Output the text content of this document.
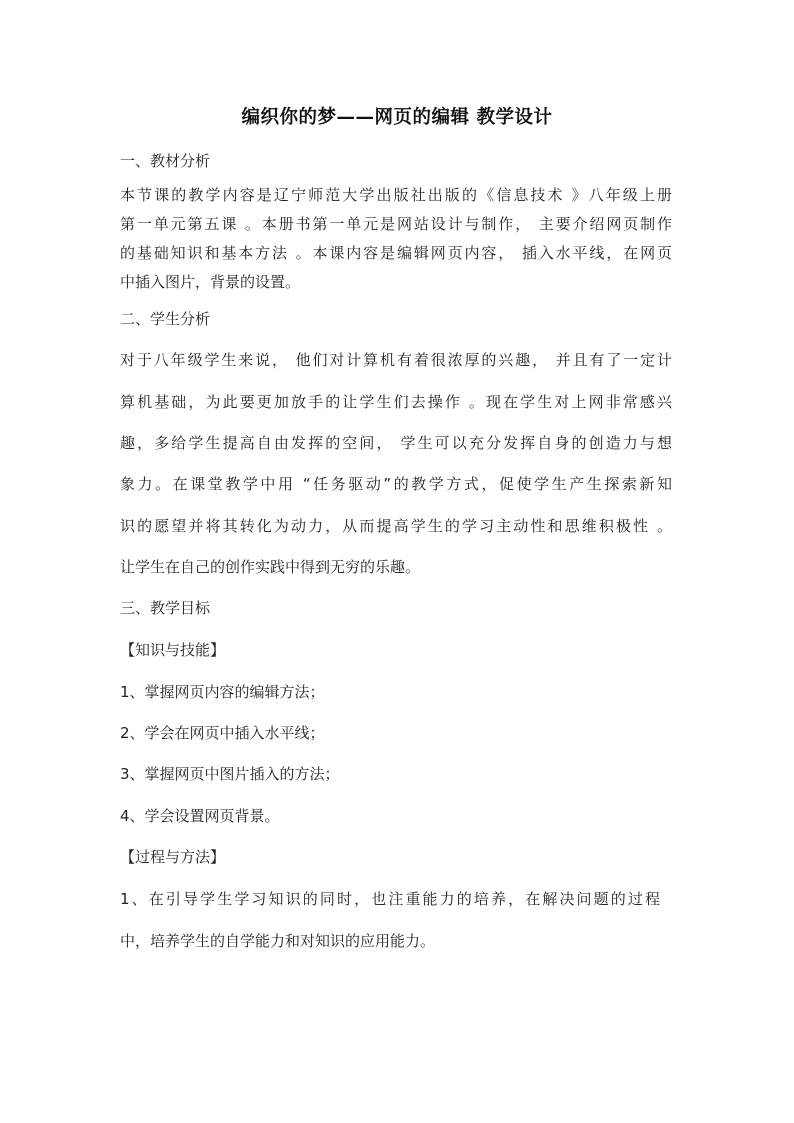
编织你的梦——网页的编辑 教学设计
一、教材分析
本节课的教学内容是辽宁师范大学出版社出版的《信息技术 》八年级上册
第一单元第五课 。本册书第一单元是网站设计与制作， 主要介绍网页制作
的基础知识和基本方法 。本课内容是编辑网页内容， 插入水平线，在网页
中插入图片，背景的设置。
二、学生分析
对于八年级学生来说， 他们对计算机有着很浓厚的兴趣， 并且有了一定计
算机基础，为此要更加放手的让学生们去操作 。现在学生对上网非常感兴
趣，多给学生提高自由发挥的空间， 学生可以充分发挥自身的创造力与想
象力。在课堂教学中用 “任务驱动”的教学方式，促使学生产生探索新知
识的愿望并将其转化为动力，从而提高学生的学习主动性和思维积极性 。
让学生在自己的创作实践中得到无穷的乐趣。
三、教学目标
【知识与技能】
1、掌握网页内容的编辑方法；
2、学会在网页中插入水平线；
3、掌握网页中图片插入的方法；
4、学会设置网页背景。
【过程与方法】
1、在引导学生学习知识的同时，也注重能力的培养，在解决问题的过程
中，培养学生的自学能力和对知识的应用能力。
